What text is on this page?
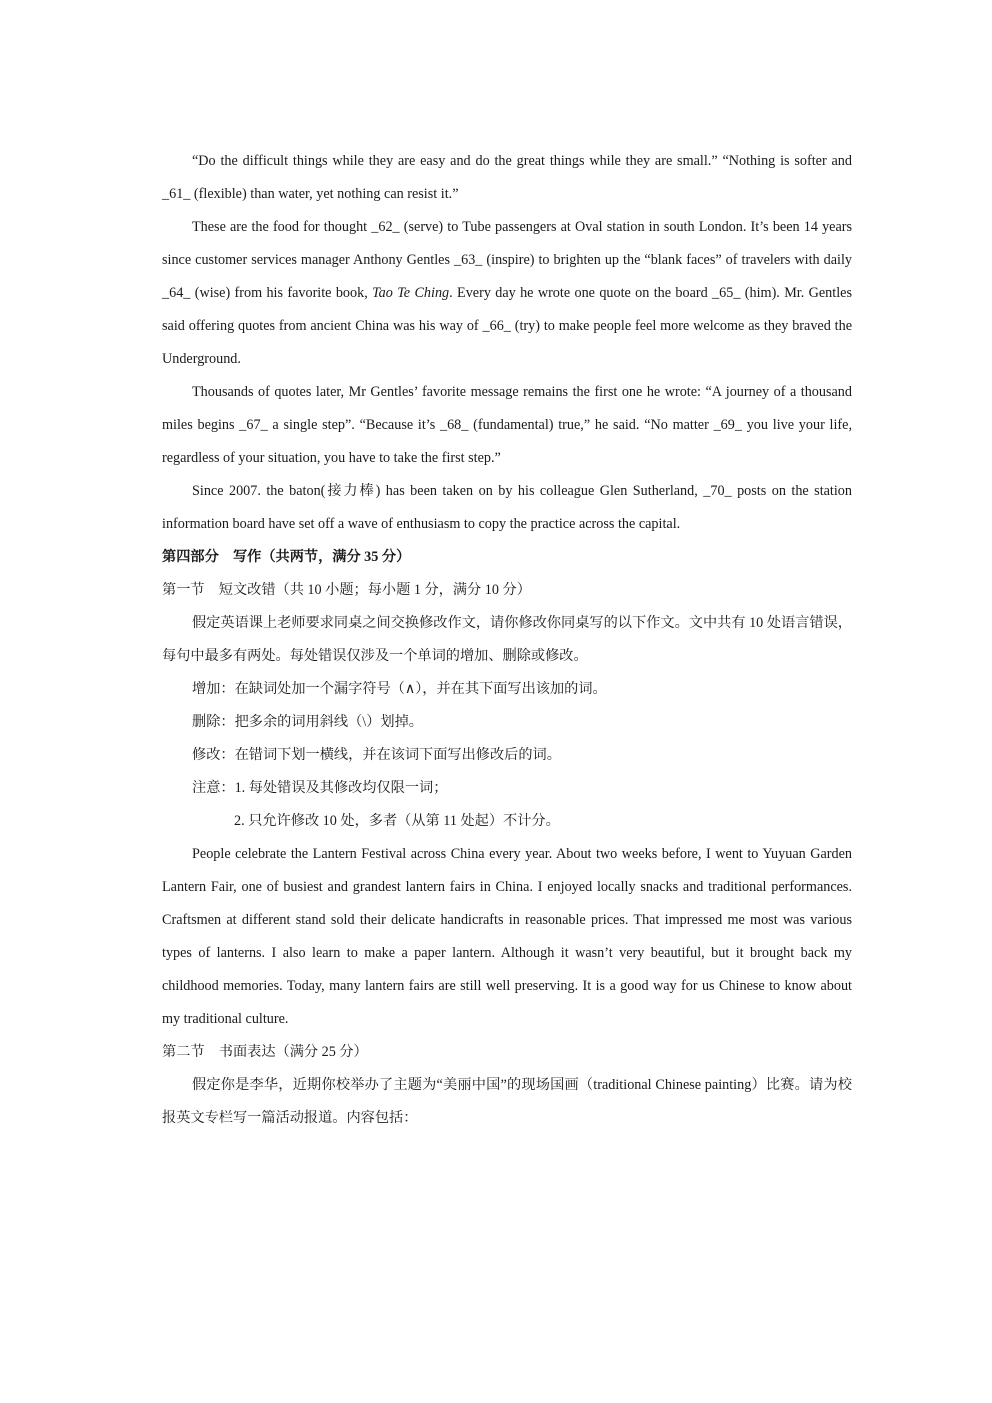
“Do the difficult things while they are easy and do the great things while they are small.” “Nothing is softer and _61_ (flexible) than water, yet nothing can resist it.”

These are the food for thought _62_ (serve) to Tube passengers at Oval station in south London. It’s been 14 years since customer services manager Anthony Gentles _63_ (inspire) to brighten up the “blank faces” of travelers with daily _64_ (wise) from his favorite book, Tao Te Ching. Every day he wrote one quote on the board _65_ (him). Mr. Gentles said offering quotes from ancient China was his way of _66_ (try) to make people feel more welcome as they braved the Underground.

Thousands of quotes later, Mr Gentles’ favorite message remains the first one he wrote: “A journey of a thousand miles begins _67_ a single step”. “Because it’s _68_ (fundamental) true,” he said. “No matter _69_ you live your life, regardless of your situation, you have to take the first step.”

Since 2007. the baton(接力棒) has been taken on by his colleague Glen Sutherland, _70_ posts on the station information board have set off a wave of enthusiasm to copy the practice across the capital.

第四部分　写作（共两节，满分 35 分）

第一节　短文改错（共 10 小题；每小题 1 分，满分 10 分）

假定英语课上老师要求同桌之间交换修改作文，请你修改你同桌写的以下作文。文中共有 10 处语言错误，每句中最多有两处。每处错误仅涉及一个单词的增加、删除或修改。

增加：在缺词处加一个漏字符号（∧），并在其下面写出该加的词。

删除：把多余的词用斜线（\）划掉。

修改：在错词下划一横线，并在该词下面写出修改后的词。

注意：1. 每处错误及其修改均仅限一词；

2. 只允许修改 10 处，多者（从第 11 处起）不计分。

People celebrate the Lantern Festival across China every year. About two weeks before, I went to Yuyuan Garden Lantern Fair, one of busiest and grandest lantern fairs in China. I enjoyed locally snacks and traditional performances. Craftsmen at different stand sold their delicate handicrafts in reasonable prices. That impressed me most was various types of lanterns. I also learn to make a paper lantern. Although it wasn’t very beautiful, but it brought back my childhood memories. Today, many lantern fairs are still well preserving. It is a good way for us Chinese to know about my traditional culture.

第二节　书面表达（满分 25 分）

假定你是李华，近期你校举办了主题为“美丽中国”的现场国画（traditional Chinese painting）比赛。请为校报英文专栏写一篇活动报道。内容包括：
